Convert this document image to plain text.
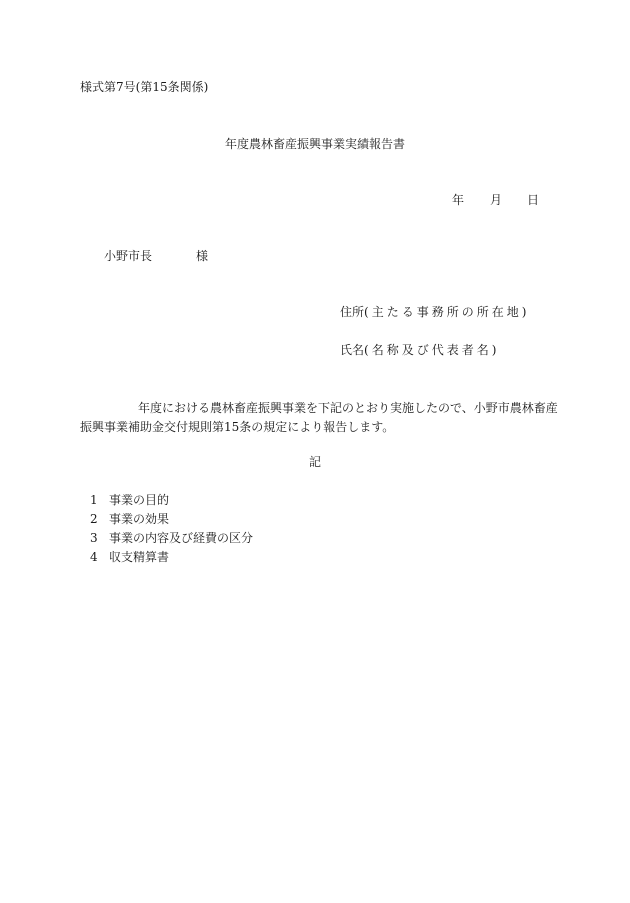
様式第7号(第15条関係)
年度農林畜産振興事業実績報告書
年	月	日
小野市長	様
住所(主たる事務所の所在地)
氏名(名称及び代表者名)
年度における農林畜産振興事業を下記のとおり実施したので、小野市農林畜産
振興事業補助金交付規則第15条の規定により報告します。
記
1 事業の目的
2 事業の効果
3 事業の内容及び経費の区分
4 収支精算書
